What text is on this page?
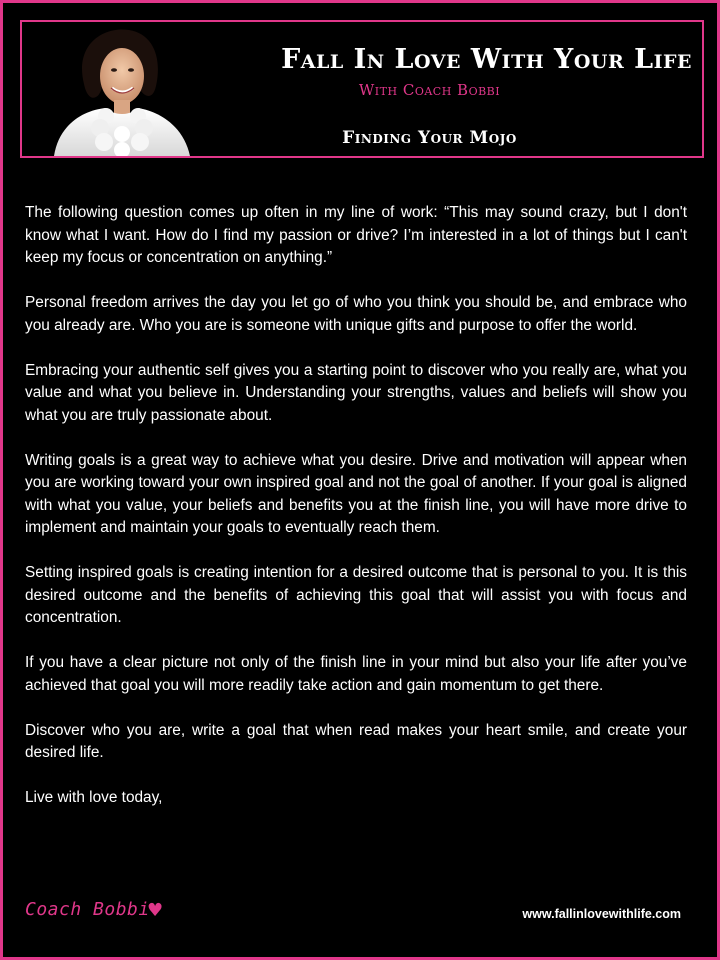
Fall In Love With Your Life
With Coach Bobbi
Finding Your Mojo

The following question comes up often in my line of work: “This may sound crazy, but I don't know what I want. How do I find my passion or drive? I’m interested in a lot of things but I can't keep my focus or concentration on anything.”

Personal freedom arrives the day you let go of who you think you should be, and embrace who you already are. Who you are is someone with unique gifts and purpose to offer the world.

Embracing your authentic self gives you a starting point to discover who you really are, what you value and what you believe in. Understanding your strengths, values and beliefs will show you what you are truly passionate about.

Writing goals is a great way to achieve what you desire. Drive and motivation will appear when you are working toward your own inspired goal and not the goal of another. If your goal is aligned with what you value, your beliefs and benefits you at the finish line, you will have more drive to implement and maintain your goals to eventually reach them.

Setting inspired goals is creating intention for a desired outcome that is personal to you. It is this desired outcome and the benefits of achieving this goal that will assist you with focus and concentration.

If you have a clear picture not only of the finish line in your mind but also your life after you’ve achieved that goal you will more readily take action and gain momentum to get there.

Discover who you are, write a goal that when read makes your heart smile, and create your desired life.

Live with love today,

Coach Bobbi
♥	www.fallinlovewithlife.com
